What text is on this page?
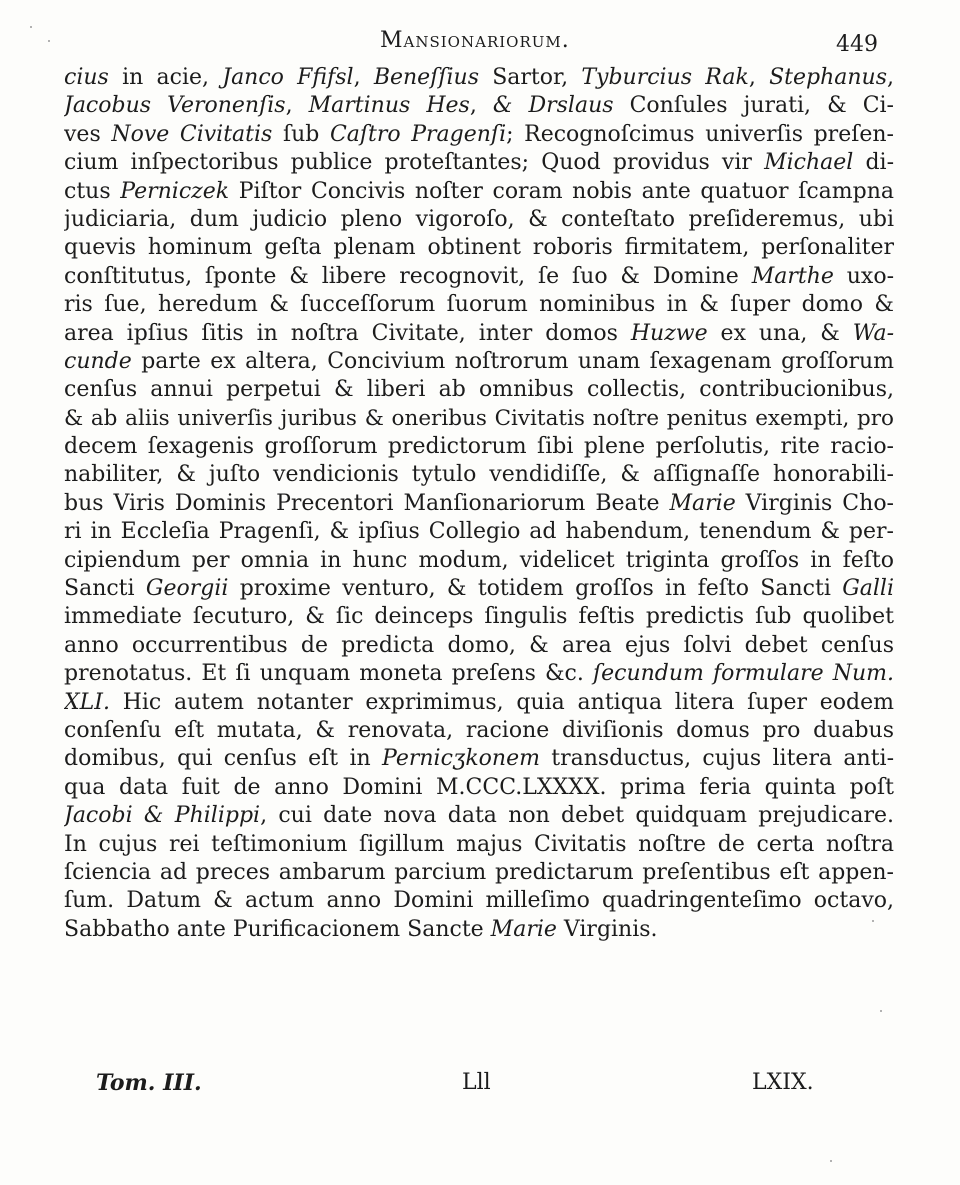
Mansionariorum.	449
cius in acie, Janco Ffifsl, Beneſſius Sartor, Tyburcius Rak, Stephanus,
Jacobus Veronenſis, Martinus Hes, & Drslaus Conſules jurati, & Ci-
ves Nove Civitatis ſub Caſtro Pragenſi; Recognoſcimus univerſis preſen-
cium inſpectoribus publice proteſtantes; Quod providus vir Michael di-
ctus Perniczek Piſtor Concivis noſter coram nobis ante quatuor ſcampna
judiciaria, dum judicio pleno vigoroſo, & conteſtato preſideremus, ubi
quevis hominum geſta plenam obtinent roboris firmitatem, perſonaliter
conſtitutus, ſponte & libere recognovit, ſe ſuo & Domine Marthe uxo-
ris ſue, heredum & ſucceſſorum ſuorum nominibus in & ſuper domo &
area ipſius ſitis in noſtra Civitate, inter domos Huzwe ex una, & Wa-
cunde parte ex altera, Concivium noſtrorum unam ſexagenam groſſorum
cenſus annui perpetui & liberi ab omnibus collectis, contribucionibus,
& ab aliis univerſis juribus & oneribus Civitatis noſtre penitus exempti, pro
decem ſexagenis groſſorum predictorum ſibi plene perſolutis, rite racio-
nabiliter, & juſto vendicionis tytulo vendidiſſe, & aſſignaſſe honorabili-
bus Viris Dominis Precentori Manſionariorum Beate Marie Virginis Cho-
ri in Eccleſia Pragenſi, & ipſius Collegio ad habendum, tenendum & per-
cipiendum per omnia in hunc modum, videlicet triginta groſſos in feſto
Sancti Georgii proxime venturo, & totidem groſſos in feſto Sancti Galli
immediate ſecuturo, & ſic deinceps ſingulis feſtis predictis ſub quolibet
anno occurrentibus de predicta domo, & area ejus ſolvi debet cenſus
prenotatus. Et ſi unquam moneta preſens &c. ſecundum formulare Num.
XLI. Hic autem notanter exprimimus, quia antiqua litera ſuper eodem
conſenſu eſt mutata, & renovata, racione diviſionis domus pro duabus
domibus, qui cenſus eſt in Pernicʒkonem transductus, cujus litera anti-
qua data fuit de anno Domini M.CCC.LXXXX. prima feria quinta poſt
Jacobi & Philippi, cui date nova data non debet quidquam prejudicare.
In cujus rei teſtimonium ſigillum majus Civitatis noſtre de certa noſtra
ſciencia ad preces ambarum parcium predictarum preſentibus eſt appen-
ſum. Datum & actum anno Domini milleſimo quadringenteſimo octavo,
Sabbatho ante Purificacionem Sancte Marie Virginis.
Tom. III.	Lll	LXIX.
